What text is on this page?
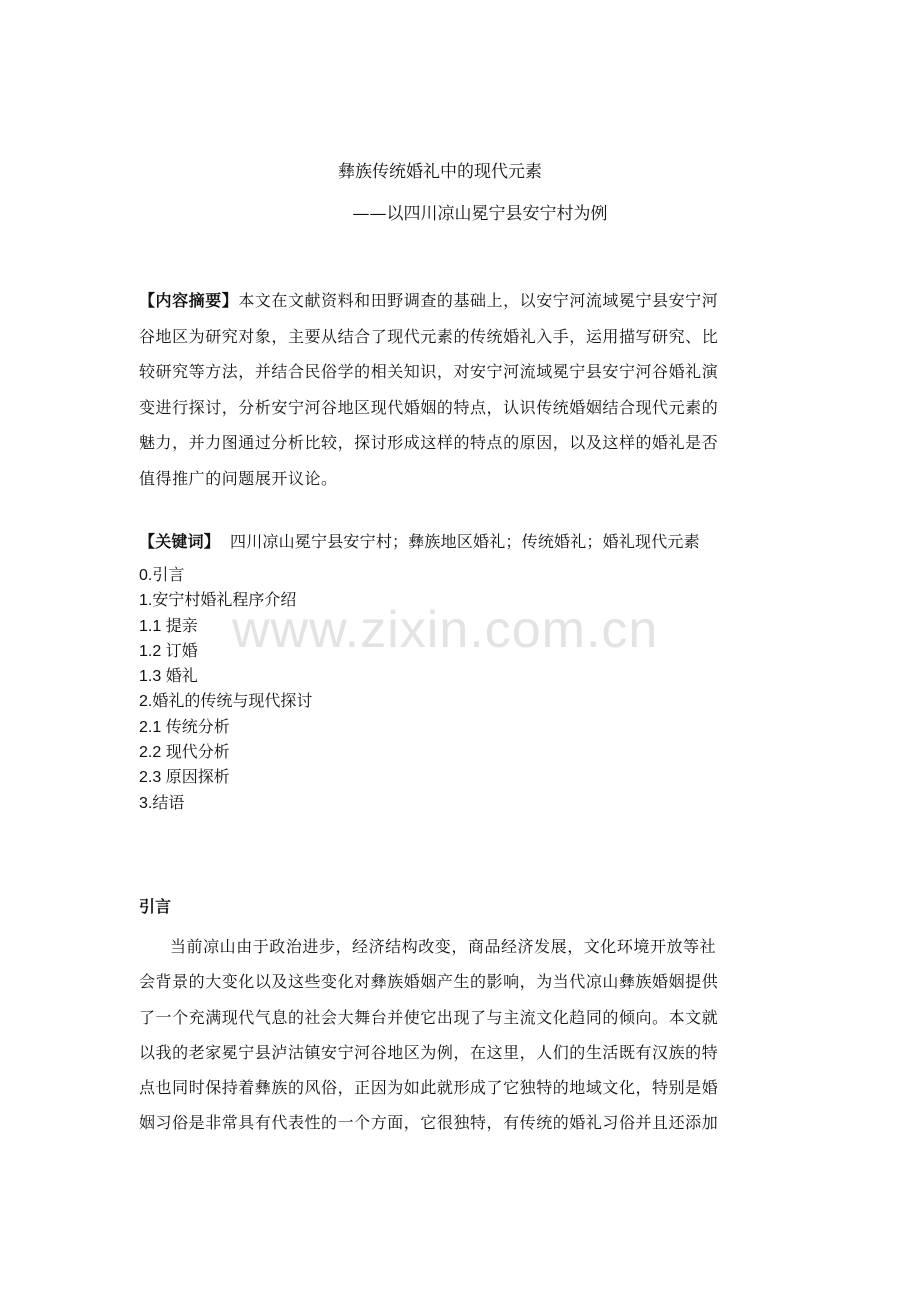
彝族传统婚礼中的现代元素
——以四川凉山冕宁县安宁村为例
【内容摘要】本文在文献资料和田野调查的基础上，以安宁河流域冕宁县安宁河
谷地区为研究对象，主要从结合了现代元素的传统婚礼入手，运用描写研究、比
较研究等方法，并结合民俗学的相关知识，对安宁河流域冕宁县安宁河谷婚礼演
变进行探讨，分析安宁河谷地区现代婚姻的特点，认识传统婚姻结合现代元素的
魅力，并力图通过分析比较，探讨形成这样的特点的原因，以及这样的婚礼是否
值得推广的问题展开议论。
【关键词】 四川凉山冕宁县安宁村；彝族地区婚礼；传统婚礼；婚礼现代元素
0.引言
1.安宁村婚礼程序介绍
1.1 提亲
1.2 订婚
1.3 婚礼
2.婚礼的传统与现代探讨
2.1 传统分析
2.2 现代分析
2.3 原因探析
3.结语
引言
当前凉山由于政治进步，经济结构改变，商品经济发展，文化环境开放等社
会背景的大变化以及这些变化对彝族婚姻产生的影响，为当代凉山彝族婚姻提供
了一个充满现代气息的社会大舞台并使它出现了与主流文化趋同的倾向。本文就
以我的老家冕宁县泸沽镇安宁河谷地区为例，在这里，人们的生活既有汉族的特
点也同时保持着彝族的风俗，正因为如此就形成了它独特的地域文化，特别是婚
姻习俗是非常具有代表性的一个方面，它很独特，有传统的婚礼习俗并且还添加
www.zixin.com.cn
